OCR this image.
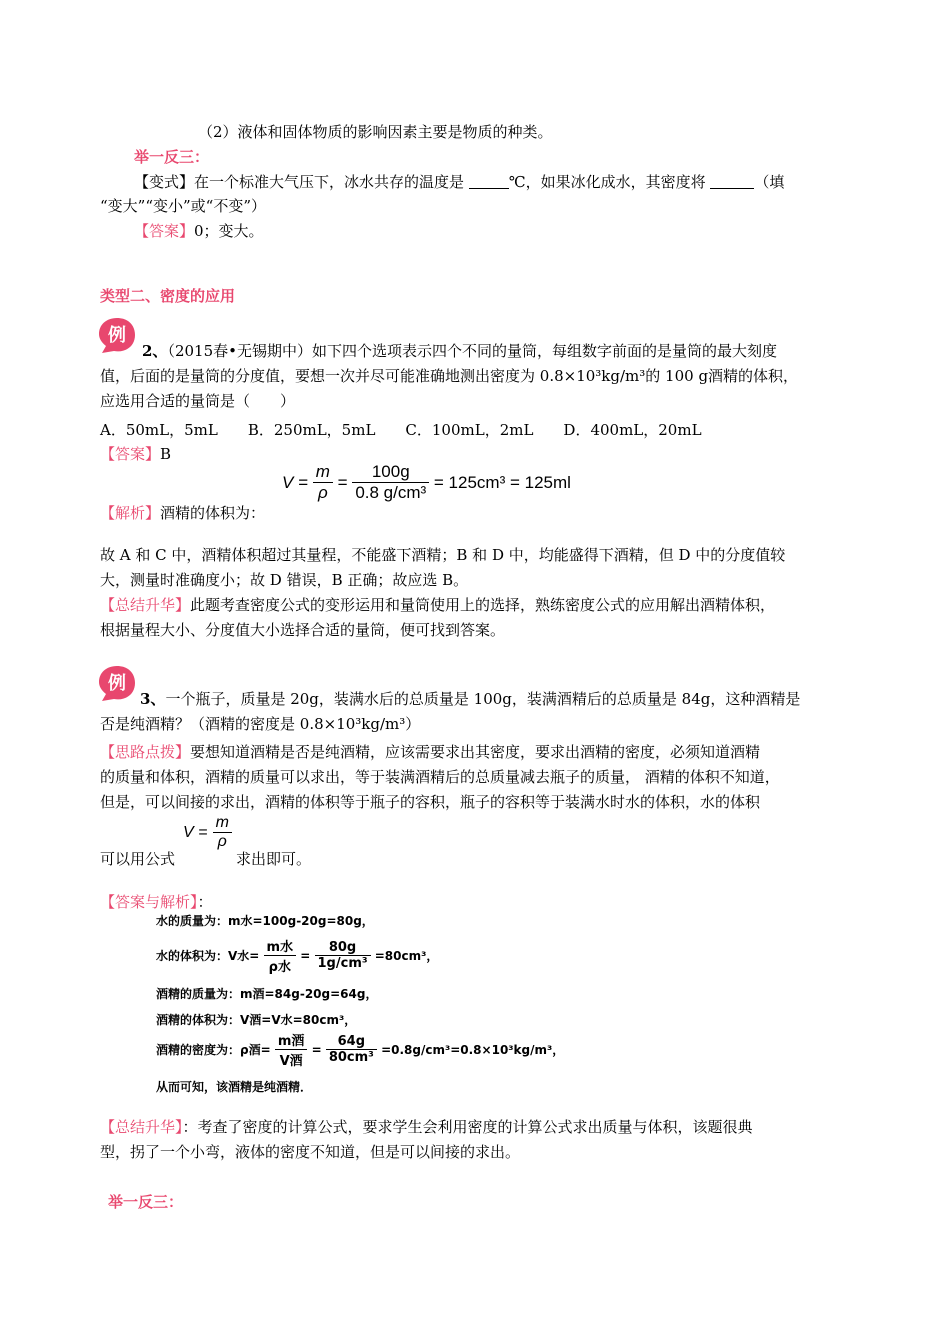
（2）液体和固体物质的影响因素主要是物质的种类。
举一反三：
【变式】在一个标准大气压下，冰水共存的温度是	℃，如果冰化成水，其密度将	（填
“变大”“变小”或“不变”）
【答案】0；变大。
类型二、密度的应用
例
2、（2015春•无锡期中）如下四个选项表示四个不同的量筒，每组数字前面的是量筒的最大刻度
值，后面的是量筒的分度值，要想一次并尽可能准确地测出密度为 0.8×10³kg/m³的 100 g酒精的体积，
应选用合适的量筒是（　　）
A．50mL，5mL　　B．250mL，5mL　　C．100mL，2mL　　D．400mL，20mL
【答案】B
【解析】酒精的体积为：
$V = \frac{m}{\rho} = \frac{100g}{\text{0.8 g/cm³}} = 125cm^3 = 125ml$
故 A 和 C 中，酒精体积超过其量程，不能盛下酒精；B 和 D 中，均能盛得下酒精，但 D 中的分度值较
大，测量时准确度小；故 D 错误，B 正确；故应选 B。
【总结升华】此题考查密度公式的变形运用和量筒使用上的选择，熟练密度公式的应用解出酒精体积，
根据量程大小、分度值大小选择合适的量筒，便可找到答案。
例
3、一个瓶子，质量是 20g，装满水后的总质量是 100g，装满酒精后的总质量是 84g，这种酒精是
否是纯酒精？（酒精的密度是 0.8×10³kg/m³）
【思路点拨】要想知道酒精是否是纯酒精，应该需要求出其密度，要求出酒精的密度，必须知道酒精
的质量和体积，酒精的质量可以求出，等于装满酒精后的总质量减去瓶子的质量， 酒精的体积不知道，
但是，可以间接的求出，酒精的体积等于瓶子的容积，瓶子的容积等于装满水时水的体积，水的体积
可以用公式
$V = \frac{m}{\rho}$
求出即可。
【答案与解析】：
水的质量为：m水=100g-20g=80g，
水的体积为：V水= $\frac{\text{m水}}{\text{ρ水}} = \frac{80g}{\text{1g/cm³}} =80cm^3$，
酒精的质量为：m酒=84g-20g=64g，
酒精的体积为：V酒=V水=80cm³，
酒精的密度为：ρ酒= $\frac{\text{m酒}}{\text{V酒}} = \frac{64g}{\text{80cm³}} =0.8g/cm^3=0.8\times 10^3kg/m^3$，
从而可知，该酒精是纯酒精．
【总结升华】：考查了密度的计算公式，要求学生会利用密度的计算公式求出质量与体积，该题很典
型，拐了一个小弯，液体的密度不知道，但是可以间接的求出。
举一反三：
